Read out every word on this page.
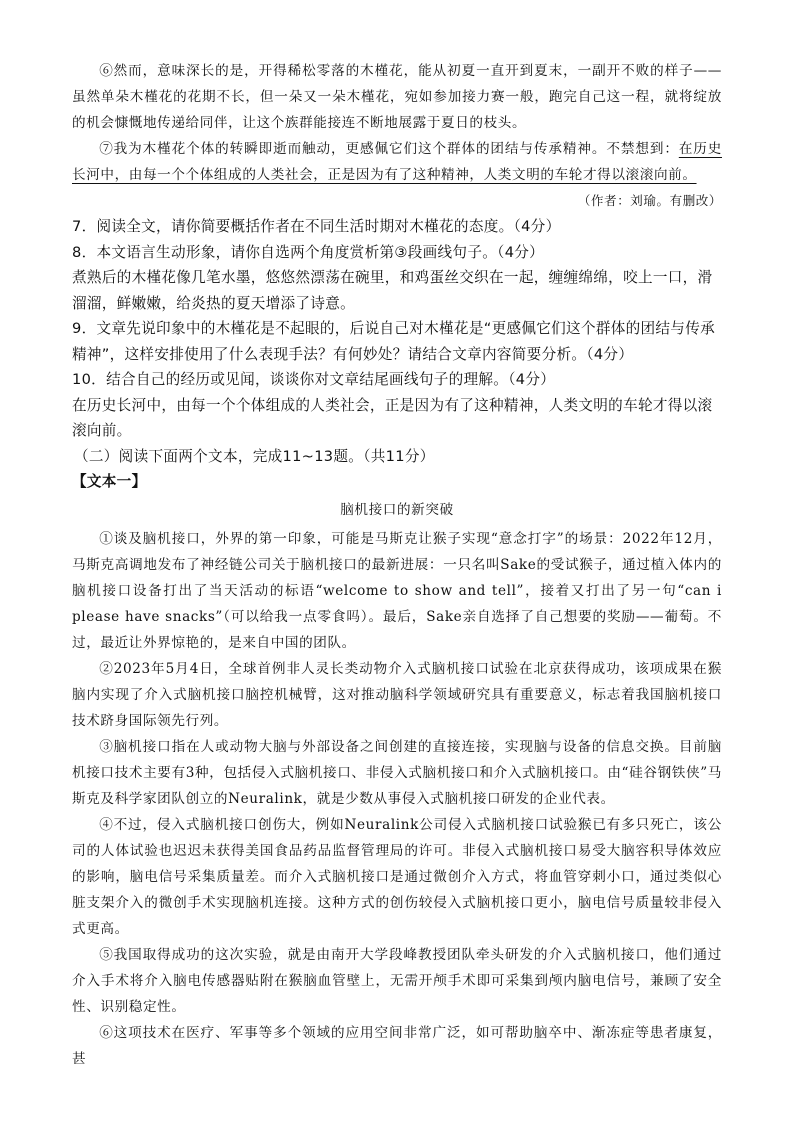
⑥然而，意味深长的是，开得稀松零落的木槿花，能从初夏一直开到夏末，一副开不败的样子——虽然单朵木槿花的花期不长，但一朵又一朵木槿花，宛如参加接力赛一般，跑完自己这一程，就将绽放的机会慷慨地传递给同伴，让这个族群能接连不断地展露于夏日的枝头。

⑦我为木槿花个体的转瞬即逝而触动，更感佩它们这个群体的团结与传承精神。不禁想到：在历史长河中，由每一个个体组成的人类社会，正是因为有了这种精神，人类文明的车轮才得以滚滚向前。

（作者：刘瑜。有删改）

7．阅读全文，请你简要概括作者在不同生活时期对木槿花的态度。（4分）

8．本文语言生动形象，请你自选两个角度赏析第③段画线句子。（4分）

煮熟后的木槿花像几笔水墨，悠悠然漂荡在碗里，和鸡蛋丝交织在一起，缠缠绵绵，咬上一口，滑溜溜，鲜嫩嫩，给炎热的夏天增添了诗意。

9．文章先说印象中的木槿花是不起眼的，后说自己对木槿花是“更感佩它们这个群体的团结与传承精神”，这样安排使用了什么表现手法？有何妙处？请结合文章内容简要分析。（4分）

10．结合自己的经历或见闻，谈谈你对文章结尾画线句子的理解。（4分）

在历史长河中，由每一个个体组成的人类社会，正是因为有了这种精神，人类文明的车轮才得以滚滚向前。

（二）阅读下面两个文本，完成11~13题。（共11分）

【文本一】

脑机接口的新突破

①谈及脑机接口，外界的第一印象，可能是马斯克让猴子实现“意念打字”的场景：2022年12月，马斯克高调地发布了神经链公司关于脑机接口的最新进展：一只名叫Sake的受试猴子，通过植入体内的脑机接口设备打出了当天活动的标语“welcome to show and tell”，接着又打出了另一句“can i please have snacks”（可以给我一点零食吗）。最后，Sake亲自选择了自己想要的奖励——葡萄。不过，最近让外界惊艳的，是来自中国的团队。

②2023年5月4日，全球首例非人灵长类动物介入式脑机接口试验在北京获得成功，该项成果在猴脑内实现了介入式脑机接口脑控机械臂，这对推动脑科学领域研究具有重要意义，标志着我国脑机接口技术跻身国际领先行列。

③脑机接口指在人或动物大脑与外部设备之间创建的直接连接，实现脑与设备的信息交换。目前脑机接口技术主要有3种，包括侵入式脑机接口、非侵入式脑机接口和介入式脑机接口。由“硅谷钢铁侠”马斯克及科学家团队创立的Neuralink，就是少数从事侵入式脑机接口研发的企业代表。

④不过，侵入式脑机接口创伤大，例如Neuralink公司侵入式脑机接口试验猴已有多只死亡，该公司的人体试验也迟迟未获得美国食品药品监督管理局的许可。非侵入式脑机接口易受大脑容积导体效应的影响，脑电信号采集质量差。而介入式脑机接口是通过微创介入方式，将血管穿刺小口，通过类似心脏支架介入的微创手术实现脑机连接。这种方式的创伤较侵入式脑机接口更小，脑电信号质量较非侵入式更高。

⑤我国取得成功的这次实验，就是由南开大学段峰教授团队牵头研发的介入式脑机接口，他们通过介入手术将介入脑电传感器贴附在猴脑血管壁上，无需开颅手术即可采集到颅内脑电信号，兼顾了安全性、识别稳定性。

⑥这项技术在医疗、军事等多个领域的应用空间非常广泛，如可帮助脑卒中、渐冻症等患者康复，甚
